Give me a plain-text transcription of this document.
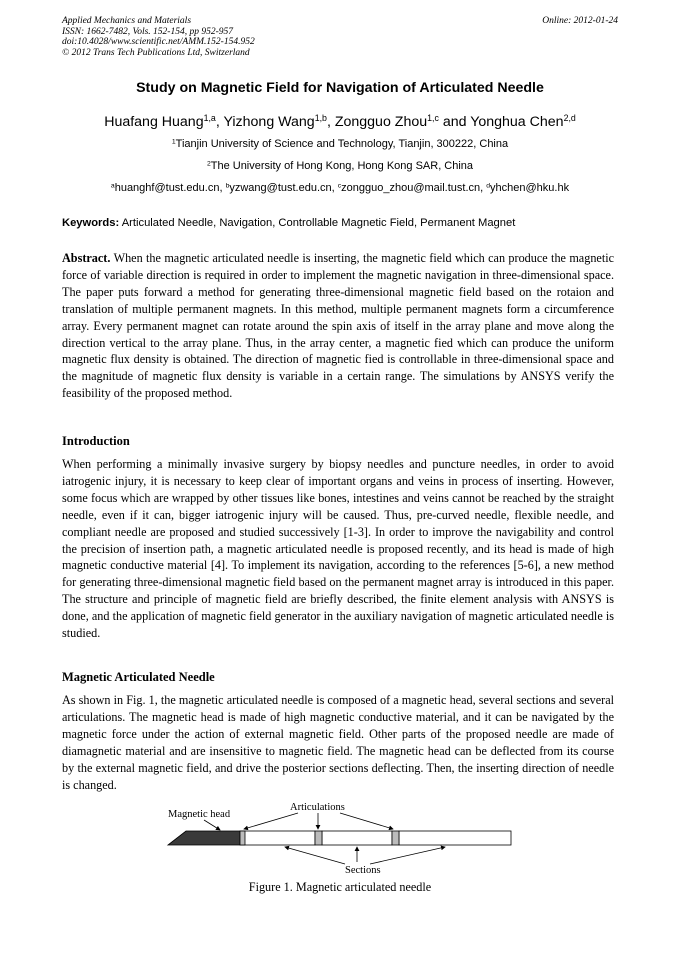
Applied Mechanics and Materials
ISSN: 1662-7482, Vols. 152-154, pp 952-957
doi:10.4028/www.scientific.net/AMM.152-154.952
© 2012 Trans Tech Publications Ltd, Switzerland
Online: 2012-01-24
Study on Magnetic Field for Navigation of Articulated Needle
Huafang Huang$^{1,a}$, Yizhong Wang$^{1,b}$, Zongguo Zhou$^{1,c}$ and Yonghua Chen$^{2,d}$
$^1$Tianjin University of Science and Technology, Tianjin, 300222, China
$^2$The University of Hong Kong, Hong Kong SAR, China
$^a$huanghf@tust.edu.cn, $^b$yzwang@tust.edu.cn, $^c$zongguo_zhou@mail.tust.cn, $^d$yhchen@hku.hk
Keywords: Articulated Needle, Navigation, Controllable Magnetic Field, Permanent Magnet

Abstract. When the magnetic articulated needle is inserting, the magnetic field which can produce the magnetic force of variable direction is required in order to implement the magnetic navigation in three-dimensional space. The paper puts forward a method for generating three-dimensional magnetic field based on the rotaion and translation of multiple permanent magnets. In this method, multiple permanent magnets form a circumference array. Every permanent magnet can rotate around the spin axis of itself in the array plane and move along the direction vertical to the array plane. Thus, in the array center, a magnetic fied which can produce the uniform magnetic flux density is obtained. The direction of magnetic fied is controllable in three-dimensional space and the magnitude of magnetic flux density is variable in a certain range. The simulations by ANSYS verify the feasibility of the proposed method.

Introduction

When performing a minimally invasive surgery by biopsy needles and puncture needles, in order to avoid iatrogenic injury, it is necessary to keep clear of important organs and veins in process of inserting. However, some focus which are wrapped by other tissues like bones, intestines and veins cannot be reached by the straight needle, even if it can, bigger iatrogenic injury will be caused. Thus, pre-curved needle, flexible needle, and compliant needle are proposed and studied successively [1-3]. In order to improve the navigability and control the precision of insertion path, a magnetic articulated needle is proposed recently, and its head is made of high magnetic conductive material [4]. To implement its navigation, according to the references [5-6], a new method for generating three-dimensional magnetic field based on the permanent magnet array is introduced in this paper. The structure and principle of magnetic field are briefly described, the finite element analysis with ANSYS is done, and the application of magnetic field generator in the auxiliary navigation of magnetic articulated needle is studied.

Magnetic Articulated Needle

As shown in Fig. 1, the magnetic articulated needle is composed of a magnetic head, several sections and several articulations. The magnetic head is made of high magnetic conductive material, and it can be navigated by the magnetic force under the action of external magnetic field. Other parts of the proposed needle are made of diamagnetic material and are insensitive to magnetic field. The magnetic head can be deflected from its course by the external magnetic field, and drive the posterior sections deflecting. Then, the inserting direction of needle is changed.

Magnetic head
Articulations
Sections
Figure 1. Magnetic articulated needle
